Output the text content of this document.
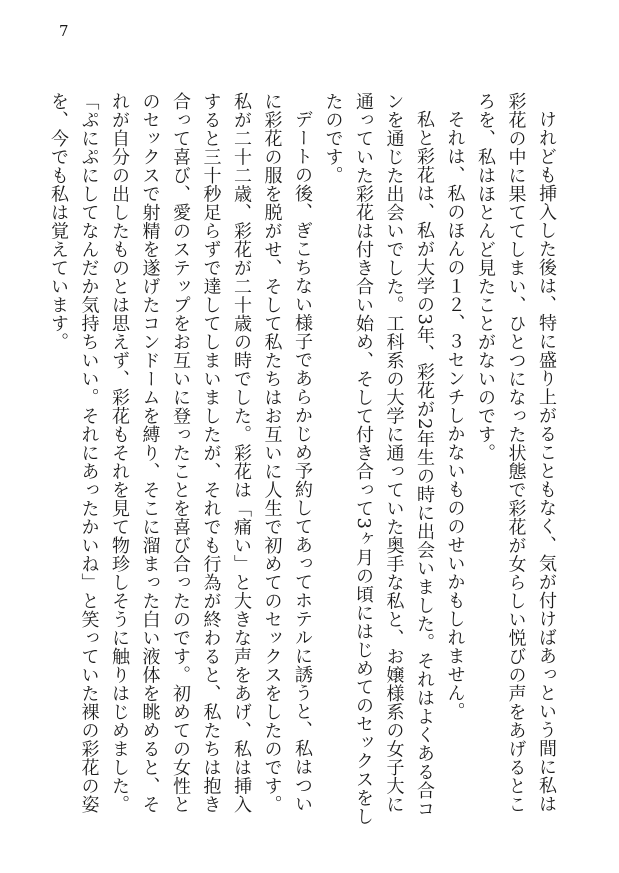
7

けれども挿入した後は、特に盛り上がることもなく、気が付けばあっという間に私は彩花の中に果ててしまい、ひとつになった状態で彩花が女らしい悦びの声をあげるところを、私はほとんど見たことがないのです。

それは、私のほんの１２、３センチしかないもののせいかもしれません。

私と彩花は、私が大学の3年、彩花が2年生の時に出会いました。それはよくある合コンを通じた出会いでした。工科系の大学に通っていた奥手な私と、お嬢様系の女子大に通っていた彩花は付き合い始め、そして付き合って3ヶ月の頃にはじめてのセックスをしたのです。

デートの後、ぎこちない様子であらかじめ予約してあってホテルに誘うと、私はついに彩花の服を脱がせ、そして私たちはお互いに人生で初めてのセックスをしたのです。私が二十二歳、彩花が二十歳の時でした。彩花は「痛い」と大きな声をあげ、私は挿入すると三十秒足らずで達してしまいましたが、それでも行為が終わると、私たちは抱き合って喜び、愛のステップをお互いに登ったことを喜び合ったのです。初めての女性とのセックスで射精を遂げたコンドームを縛り、そこに溜まった白い液体を眺めると、それが自分の出したものとは思えず、彩花もそれを見て物珍しそうに触りはじめました。「ぷにぷにしてなんだか気持ちいい。それにあったかいね」と笑っていた裸の彩花の姿を、今でも私は覚えています。
